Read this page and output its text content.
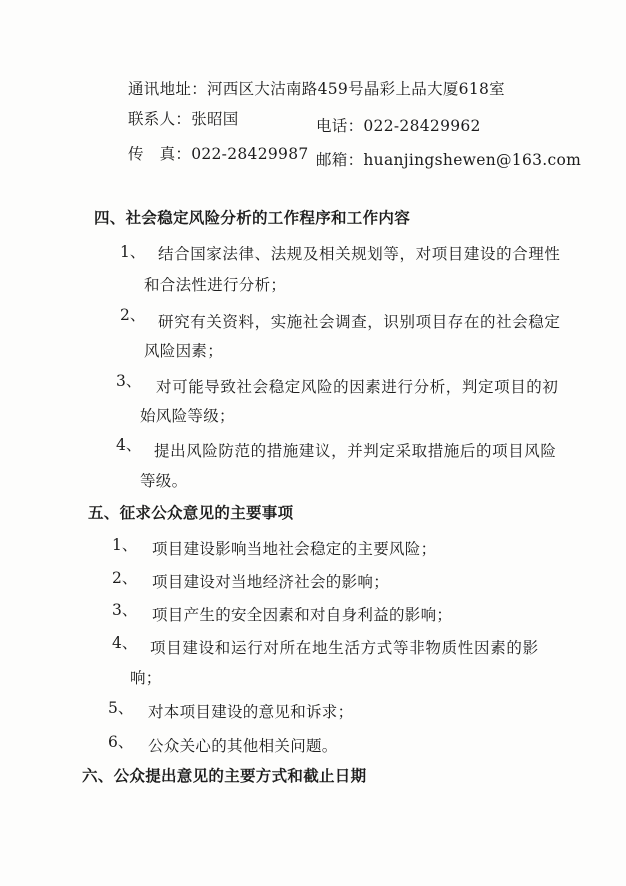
通讯地址：河西区大沽南路459号晶彩上品大厦618室
联系人：张昭国	电话：022-28429962
传　真：022-28429987 邮箱：huanjingshewen@163.com
四、社会稳定风险分析的工作程序和工作内容
1、 结合国家法律、法规及相关规划等，对项目建设的合理性
和合法性进行分析；
2、 研究有关资料，实施社会调查，识别项目存在的社会稳定
风险因素；
3、 对可能导致社会稳定风险的因素进行分析，判定项目的初
始风险等级；
4、 提出风险防范的措施建议，并判定采取措施后的项目风险
等级。
五、征求公众意见的主要事项
1、 项目建设影响当地社会稳定的主要风险；
2、 项目建设对当地经济社会的影响；
3、 项目产生的安全因素和对自身利益的影响；
4、 项目建设和运行对所在地生活方式等非物质性因素的影
响；
5、 对本项目建设的意见和诉求；
6、 公众关心的其他相关问题。
六、公众提出意见的主要方式和截止日期
